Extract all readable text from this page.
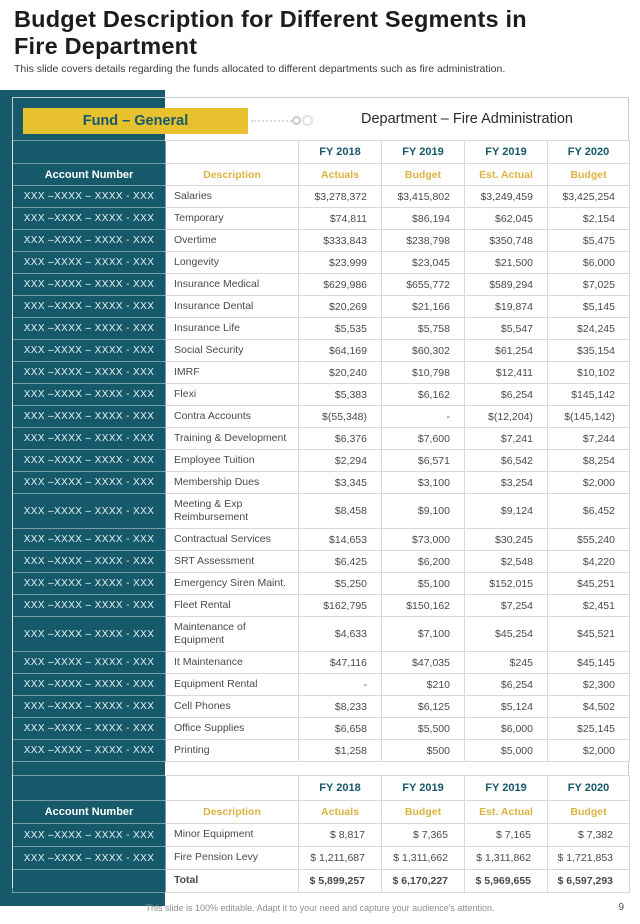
Budget Description for Different Segments in
Fire Department

This slide covers details regarding the funds allocated to different departments such as fire administration.

Fund – General	Department – Fire Administration
		FY 2018	FY 2019	FY 2019	FY 2020
Account Number	Description	Actuals	Budget	Est. Actual	Budget
XXX –XXXX – XXXX - XXX	Salaries	$3,278,372	$3,415,802	$3,249,459	$3,425,254
XXX –XXXX – XXXX - XXX	Temporary	$74,811	$86,194	$62,045	$2,154
XXX –XXXX – XXXX - XXX	Overtime	$333,843	$238,798	$350,748	$5,475
XXX –XXXX – XXXX - XXX	Longevity	$23,999	$23,045	$21,500	$6,000
XXX –XXXX – XXXX - XXX	Insurance Medical	$629,986	$655,772	$589,294	$7,025
XXX –XXXX – XXXX - XXX	Insurance Dental	$20,269	$21,166	$19,874	$5,145
XXX –XXXX – XXXX - XXX	Insurance Life	$5,535	$5,758	$5,547	$24,245
XXX –XXXX – XXXX - XXX	Social Security	$64,169	$60,302	$61,254	$35,154
XXX –XXXX – XXXX - XXX	IMRF	$20,240	$10,798	$12,411	$10,102
XXX –XXXX – XXXX - XXX	Flexi	$5,383	$6,162	$6,254	$145,142
XXX –XXXX – XXXX - XXX	Contra Accounts	$(55,348)	-	$(12,204)	$(145,142)
XXX –XXXX – XXXX - XXX	Training & Development	$6,376	$7,600	$7,241	$7,244
XXX –XXXX – XXXX - XXX	Employee Tuition	$2,294	$6,571	$6,542	$8,254
XXX –XXXX – XXXX - XXX	Membership Dues	$3,345	$3,100	$3,254	$2,000
XXX –XXXX – XXXX - XXX	Meeting & Exp Reimbursement	$8,458	$9,100	$9,124	$6,452
XXX –XXXX – XXXX - XXX	Contractual Services	$14,653	$73,000	$30,245	$55,240
XXX –XXXX – XXXX - XXX	SRT Assessment	$6,425	$6,200	$2,548	$4,220
XXX –XXXX – XXXX - XXX	Emergency Siren Maint.	$5,250	$5,100	$152,015	$45,251
XXX –XXXX – XXXX - XXX	Fleet Rental	$162,795	$150,162	$7,254	$2,451
XXX –XXXX – XXXX - XXX	Maintenance of Equipment	$4,633	$7,100	$45,254	$45,521
XXX –XXXX – XXXX - XXX	It Maintenance	$47,116	$47,035	$245	$45,145
XXX –XXXX – XXXX - XXX	Equipment Rental	-	$210	$6,254	$2,300
XXX –XXXX – XXXX - XXX	Cell Phones	$8,233	$6,125	$5,124	$4,502
XXX –XXXX – XXXX - XXX	Office Supplies	$6,658	$5,500	$6,000	$25,145
XXX –XXXX – XXXX - XXX	Printing	$1,258	$500	$5,000	$2,000
		FY 2018	FY 2019	FY 2019	FY 2020
Account Number	Description	Actuals	Budget	Est. Actual	Budget
XXX –XXXX – XXXX - XXX	Minor Equipment	$ 8,817	$ 7,365	$ 7,165	$ 7,382
XXX –XXXX – XXXX - XXX	Fire Pension Levy	$ 1,211,687	$ 1,311,662	$ 1,311,862	$ 1,721,853
	Total	$ 5,899,257	$ 6,170,227	$ 5,969,655	$ 6,597,293
This slide is 100% editable. Adapt it to your need and capture your audience's attention.	9
